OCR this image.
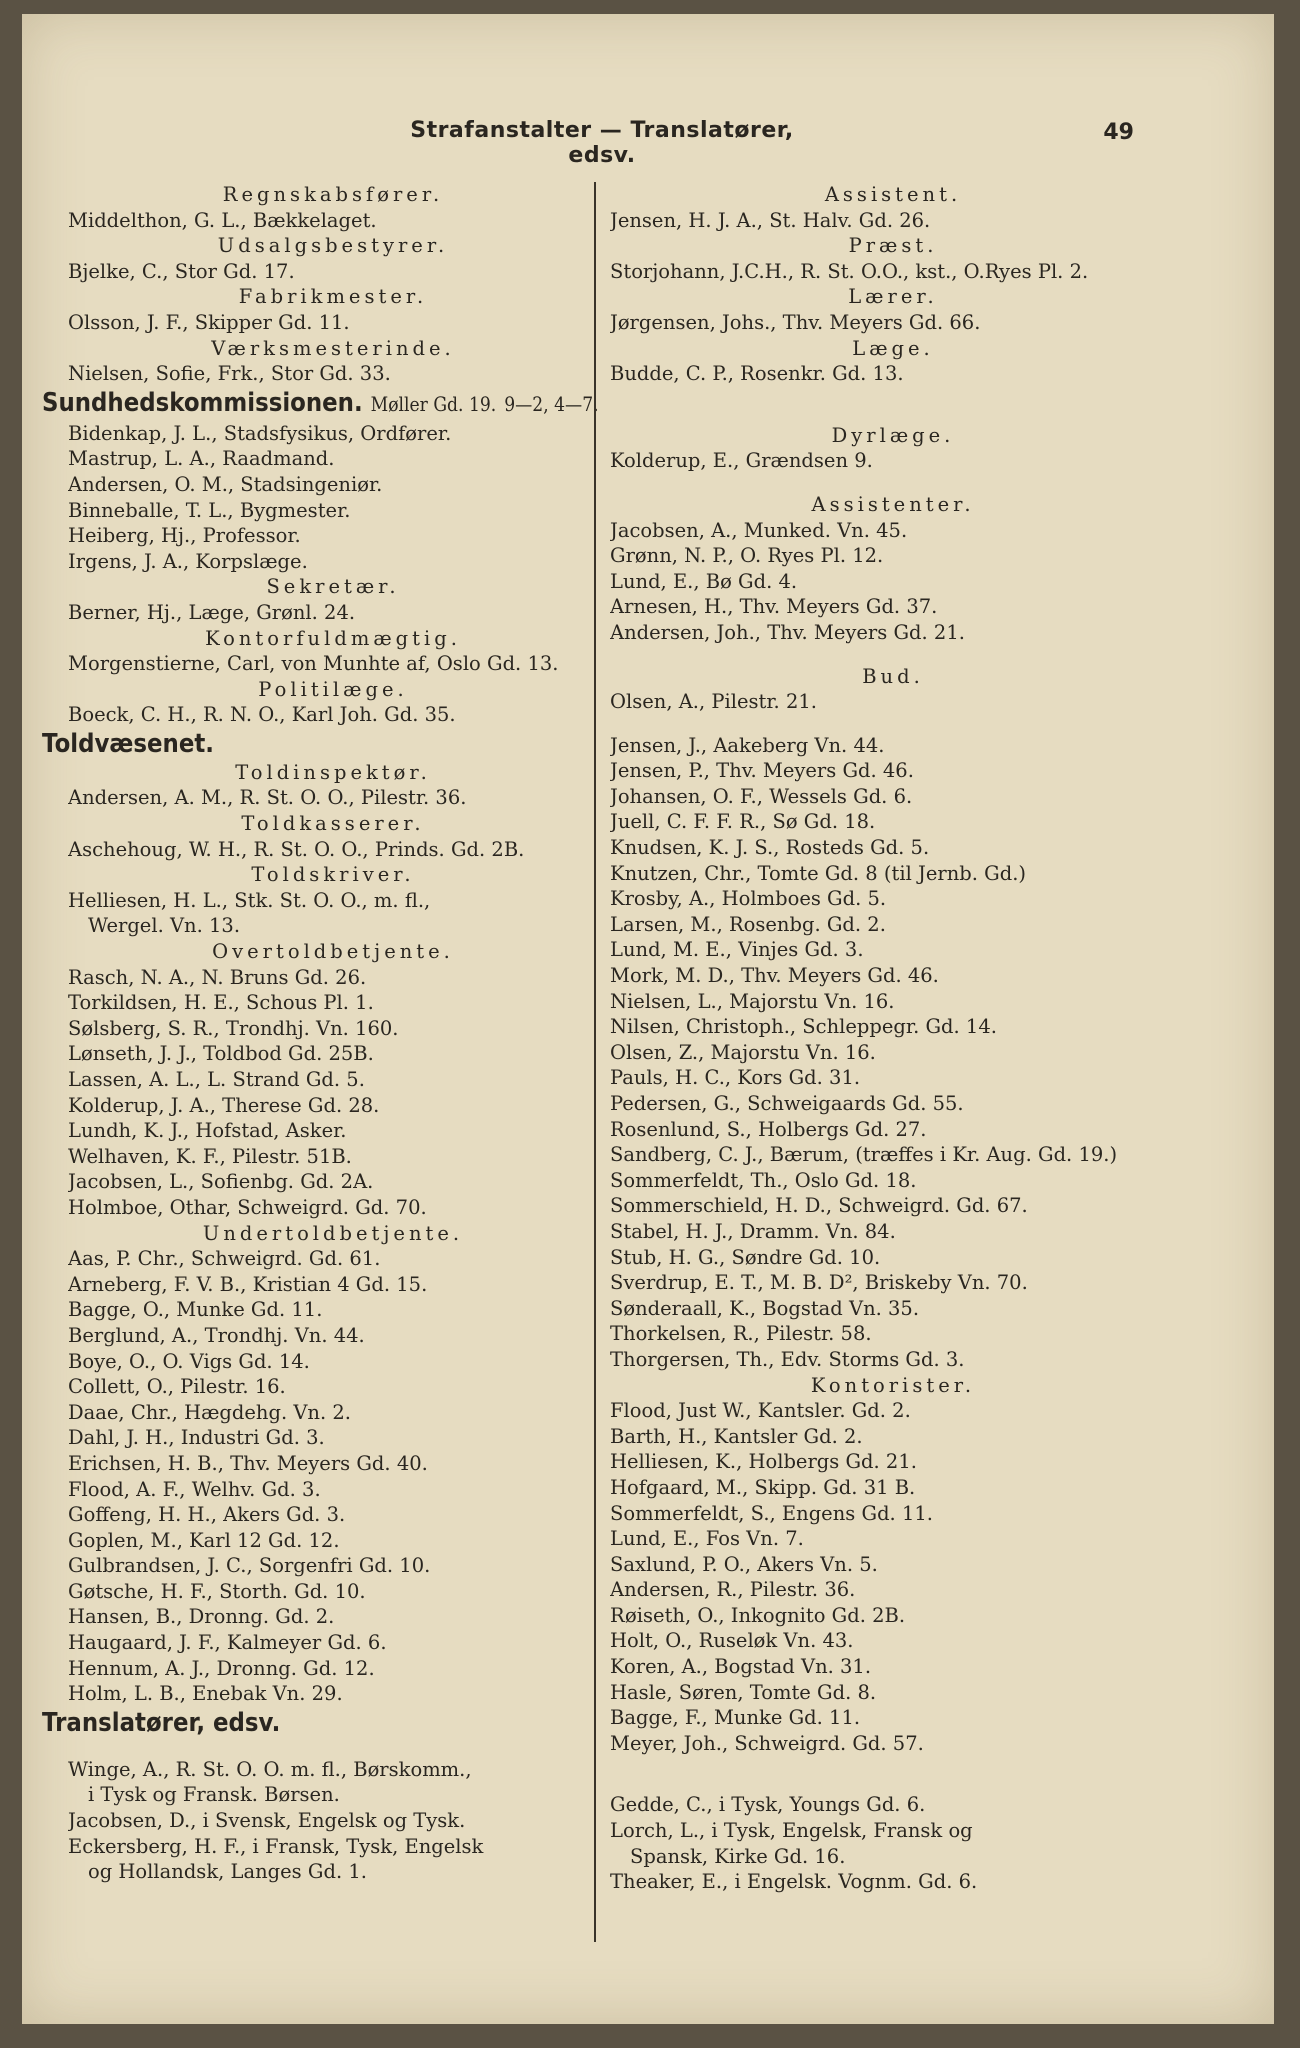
Strafanstalter — Translatører, edsv.
49
Regnskabsfører.
Middelthon, G. L., Bækkelaget.
Udsalgsbestyrer.
Bjelke, C., Stor Gd. 17.
Fabrikmester.
Olsson, J. F., Skipper Gd. 11.
Værksmesterinde.
Nielsen, Sofie, Frk., Stor Gd. 33.
Sundhedskommissionen. Møller Gd. 19. 9—2, 4—7.
Bidenkap, J. L., Stadsfysikus, Ordfører.
Mastrup, L. A., Raadmand.
Andersen, O. M., Stadsingeniør.
Binneballe, T. L., Bygmester.
Heiberg, Hj., Professor.
Irgens, J. A., Korpslæge.
Sekretær.
Berner, Hj., Læge, Grønl. 24.
Kontorfuldmægtig.
Morgenstierne, Carl, von Munhte af, Oslo Gd. 13.
Politilæge.
Boeck, C. H., R. N. O., Karl Joh. Gd. 35.
Toldvæsenet.
Toldinspektør.
Andersen, A. M., R. St. O. O., Pilestr. 36.
Toldkasserer.
Aschehoug, W. H., R. St. O. O., Prinds. Gd. 2B.
Toldskriver.
Helliesen, H. L., Stk. St. O. O., m. fl.,
Wergel. Vn. 13.
Overtoldbetjente.
Rasch, N. A., N. Bruns Gd. 26.
Torkildsen, H. E., Schous Pl. 1.
Sølsberg, S. R., Trondhj. Vn. 160.
Lønseth, J. J., Toldbod Gd. 25B.
Lassen, A. L., L. Strand Gd. 5.
Kolderup, J. A., Therese Gd. 28.
Lundh, K. J., Hofstad, Asker.
Welhaven, K. F., Pilestr. 51B.
Jacobsen, L., Sofienbg. Gd. 2A.
Holmboe, Othar, Schweigrd. Gd. 70.
Undertoldbetjente.
Aas, P. Chr., Schweigrd. Gd. 61.
Arneberg, F. V. B., Kristian 4 Gd. 15.
Bagge, O., Munke Gd. 11.
Berglund, A., Trondhj. Vn. 44.
Boye, O., O. Vigs Gd. 14.
Collett, O., Pilestr. 16.
Daae, Chr., Hægdehg. Vn. 2.
Dahl, J. H., Industri Gd. 3.
Erichsen, H. B., Thv. Meyers Gd. 40.
Flood, A. F., Welhv. Gd. 3.
Goffeng, H. H., Akers Gd. 3.
Goplen, M., Karl 12 Gd. 12.
Gulbrandsen, J. C., Sorgenfri Gd. 10.
Gøtsche, H. F., Storth. Gd. 10.
Hansen, B., Dronng. Gd. 2.
Haugaard, J. F., Kalmeyer Gd. 6.
Hennum, A. J., Dronng. Gd. 12.
Holm, L. B., Enebak Vn. 29.
Translatører, edsv.
Winge, A., R. St. O. O. m. fl., Børskomm.,
i Tysk og Fransk. Børsen.
Jacobsen, D., i Svensk, Engelsk og Tysk.
Eckersberg, H. F., i Fransk, Tysk, Engelsk
og Hollandsk, Langes Gd. 1.
Assistent.
Jensen, H. J. A., St. Halv. Gd. 26.
Præst.
Storjohann, J.C.H., R. St. O.O., kst., O.Ryes Pl. 2.
Lærer.
Jørgensen, Johs., Thv. Meyers Gd. 66.
Læge.
Budde, C. P., Rosenkr. Gd. 13.
Dyrlæge.
Kolderup, E., Grændsen 9.
Assistenter.
Jacobsen, A., Munked. Vn. 45.
Grønn, N. P., O. Ryes Pl. 12.
Lund, E., Bø Gd. 4.
Arnesen, H., Thv. Meyers Gd. 37.
Andersen, Joh., Thv. Meyers Gd. 21.
Bud.
Olsen, A., Pilestr. 21.
Jensen, J., Aakeberg Vn. 44.
Jensen, P., Thv. Meyers Gd. 46.
Johansen, O. F., Wessels Gd. 6.
Juell, C. F. F. R., Sø Gd. 18.
Knudsen, K. J. S., Rosteds Gd. 5.
Knutzen, Chr., Tomte Gd. 8 (til Jernb. Gd.)
Krosby, A., Holmboes Gd. 5.
Larsen, M., Rosenbg. Gd. 2.
Lund, M. E., Vinjes Gd. 3.
Mork, M. D., Thv. Meyers Gd. 46.
Nielsen, L., Majorstu Vn. 16.
Nilsen, Christoph., Schleppegr. Gd. 14.
Olsen, Z., Majorstu Vn. 16.
Pauls, H. C., Kors Gd. 31.
Pedersen, G., Schweigaards Gd. 55.
Rosenlund, S., Holbergs Gd. 27.
Sandberg, C. J., Bærum, (træffes i Kr. Aug. Gd. 19.)
Sommerfeldt, Th., Oslo Gd. 18.
Sommerschield, H. D., Schweigrd. Gd. 67.
Stabel, H. J., Dramm. Vn. 84.
Stub, H. G., Søndre Gd. 10.
Sverdrup, E. T., M. B. D², Briskeby Vn. 70.
Sønderaall, K., Bogstad Vn. 35.
Thorkelsen, R., Pilestr. 58.
Thorgersen, Th., Edv. Storms Gd. 3.
Kontorister.
Flood, Just W., Kantsler. Gd. 2.
Barth, H., Kantsler Gd. 2.
Helliesen, K., Holbergs Gd. 21.
Hofgaard, M., Skipp. Gd. 31 B.
Sommerfeldt, S., Engens Gd. 11.
Lund, E., Fos Vn. 7.
Saxlund, P. O., Akers Vn. 5.
Andersen, R., Pilestr. 36.
Røiseth, O., Inkognito Gd. 2B.
Holt, O., Ruseløk Vn. 43.
Koren, A., Bogstad Vn. 31.
Hasle, Søren, Tomte Gd. 8.
Bagge, F., Munke Gd. 11.
Meyer, Joh., Schweigrd. Gd. 57.
Gedde, C., i Tysk, Youngs Gd. 6.
Lorch, L., i Tysk, Engelsk, Fransk og
Spansk, Kirke Gd. 16.
Theaker, E., i Engelsk. Vognm. Gd. 6.
